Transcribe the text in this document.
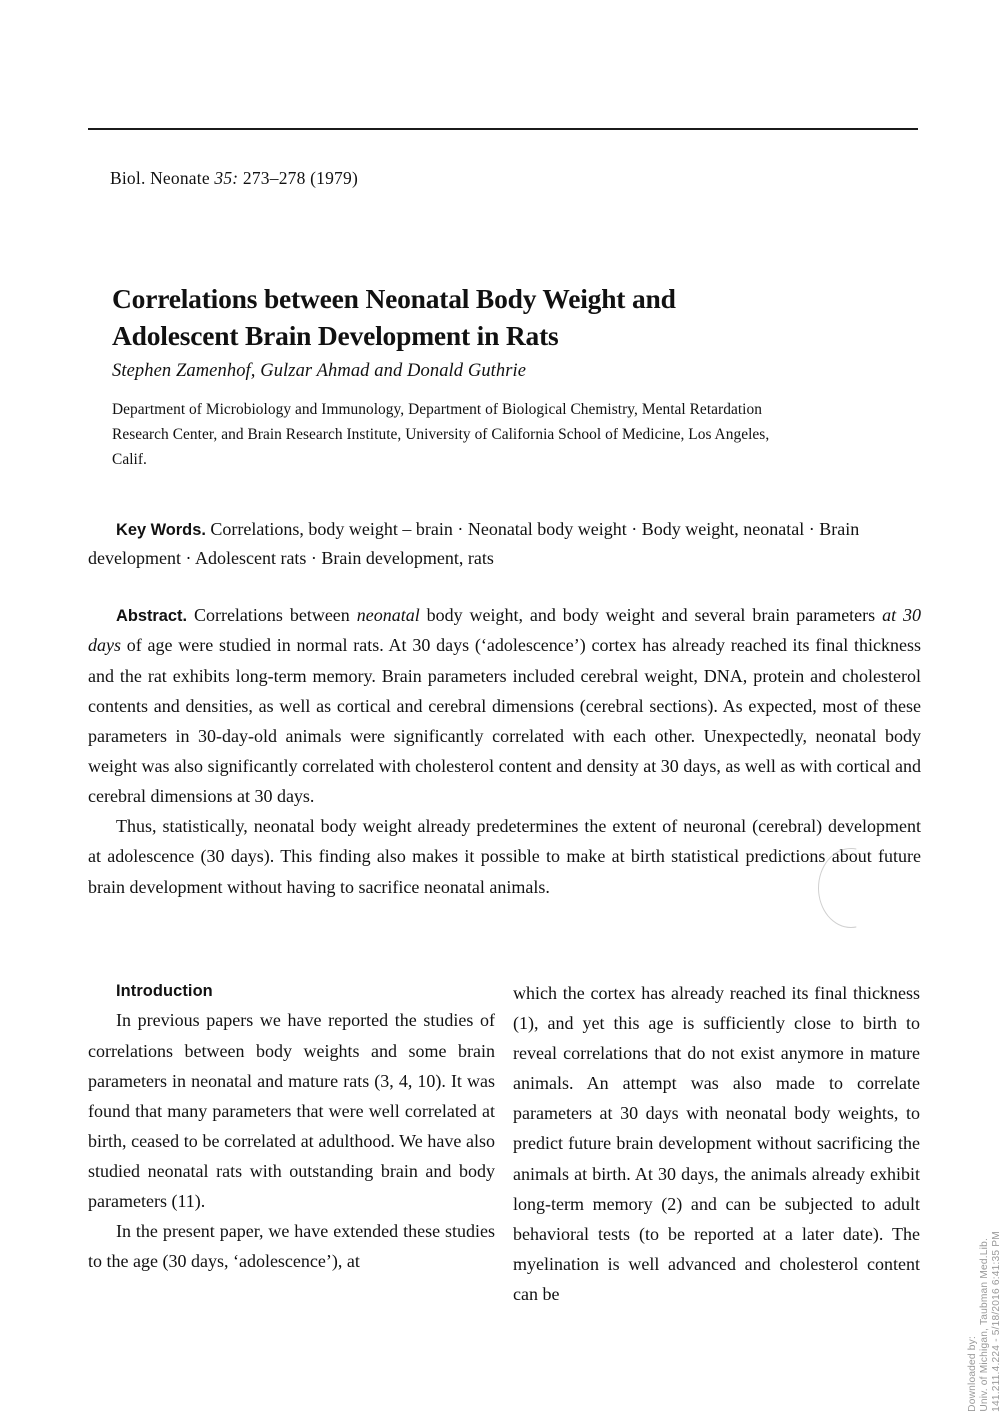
Biol. Neonate 35: 273–278 (1979)
Correlations between Neonatal Body Weight and
Adolescent Brain Development in Rats
Stephen Zamenhof, Gulzar Ahmad and Donald Guthrie
Department of Microbiology and Immunology, Department of Biological Chemistry, Mental Retardation
Research Center, and Brain Research Institute, University of California School of Medicine, Los Angeles,
Calif.
Key Words. Correlations, body weight – brain · Neonatal body weight · Body weight, neonatal · Brain development · Adolescent rats · Brain development, rats

Abstract. Correlations between neonatal body weight, and body weight and several brain parameters at 30 days of age were studied in normal rats. At 30 days (‘adolescence’) cortex has already reached its final thickness and the rat exhibits long-term memory. Brain parameters included cerebral weight, DNA, protein and cholesterol contents and densities, as well as cortical and cerebral dimensions (cerebral sections). As expected, most of these parameters in 30-day-old animals were significantly correlated with each other. Unexpectedly, neonatal body weight was also significantly correlated with cholesterol content and density at 30 days, as well as with cortical and cerebral dimensions at 30 days.

Thus, statistically, neonatal body weight already predetermines the extent of neuronal (cerebral) development at adolescence (30 days). This finding also makes it possible to make at birth statistical predictions about future brain development without having to sacrifice neonatal animals.

Introduction

In previous papers we have reported the studies of correlations between body weights and some brain parameters in neonatal and mature rats (3, 4, 10). It was found that many parameters that were well correlated at birth, ceased to be correlated at adulthood. We have also studied neonatal rats with outstanding brain and body parameters (11).

In the present paper, we have extended these studies to the age (30 days, ‘adolescence’), at

which the cortex has already reached its final thickness (1), and yet this age is sufficiently close to birth to reveal correlations that do not exist anymore in mature animals. An attempt was also made to correlate parameters at 30 days with neonatal body weights, to predict future brain development without sacrificing the animals at birth. At 30 days, the animals already exhibit long-term memory (2) and can be subjected to adult behavioral tests (to be reported at a later date). The myelination is well advanced and cholesterol content can be

Downloaded by: Univ. of Michigan, Taubman Med.Lib. 141.211.4.224 - 5/18/2016 6:41:35 PM
